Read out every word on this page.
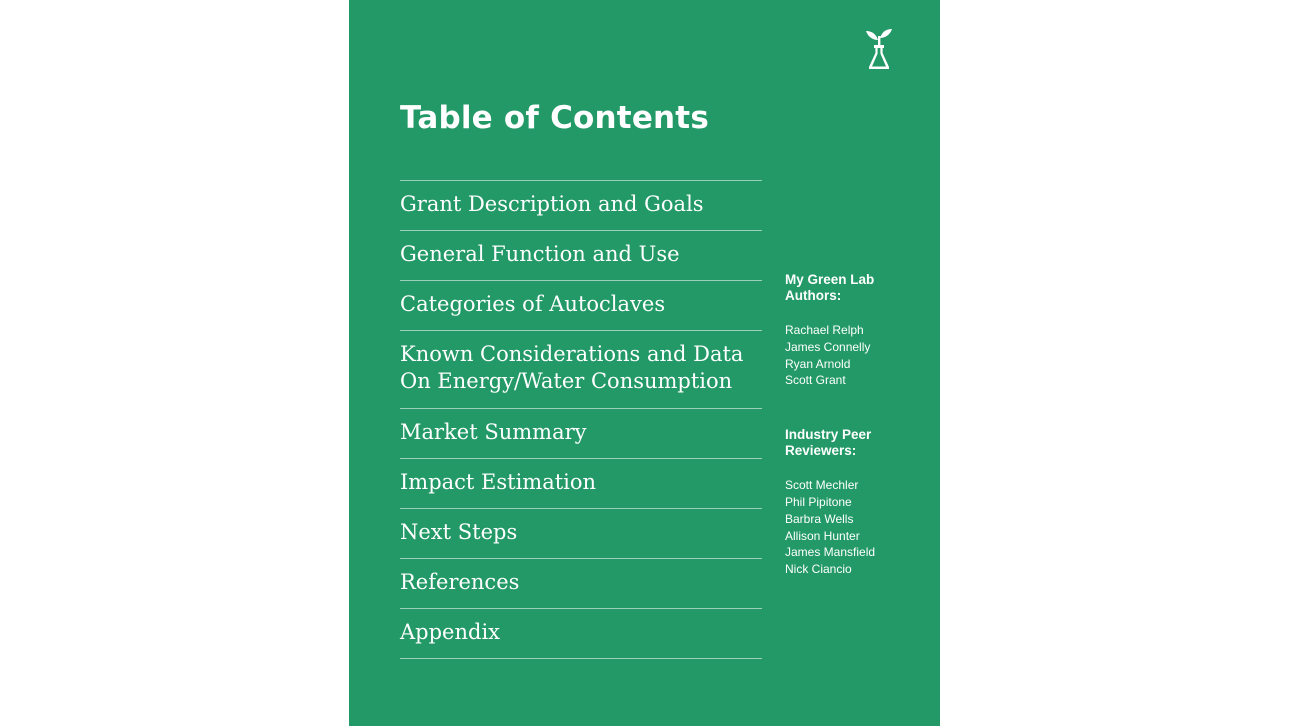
Table of Contents
Grant Description and Goals
General Function and Use
Categories of Autoclaves
Known Considerations and Data
On Energy/Water Consumption
Market Summary
Impact Estimation
Next Steps
References
Appendix
My Green Lab
Authors:
Rachael Relph
James Connelly
Ryan Arnold
Scott Grant
Industry Peer
Reviewers:
Scott Mechler
Phil Pipitone
Barbra Wells
Allison Hunter
James Mansfield
Nick Ciancio
